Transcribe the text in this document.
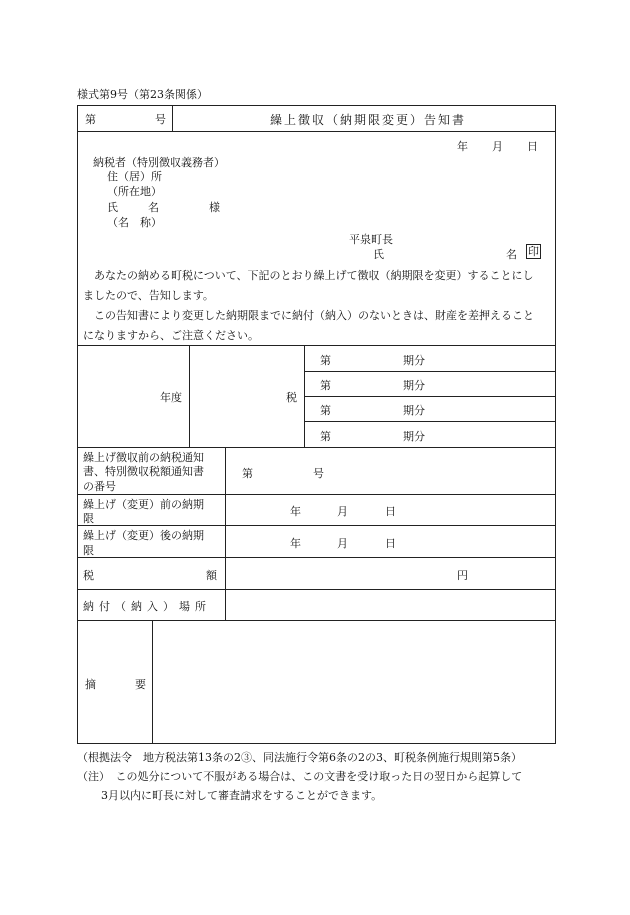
様式第9号（第23条関係）
第	号	繰上徴収（納期限変更）告知書
年 月 日
納税者（特別徴収義務者）
住（居）所
（所在地）
氏	名	様
（名　称）
平泉町長
氏	名 印
　あなたの納める町税について、下記のとおり繰上げて徴収（納期限を変更）することにし
ましたので、告知します。
　この告知書により変更した納期限までに納付（納入）のないときは、財産を差押えること
になりますから、ご注意ください。
年度	税
第	期分
第	期分
第	期分
第	期分
繰上げ徴収前の納税通知
書、特別徴収税額通知書
の番号
第	号
繰上げ（変更）前の納期
限
年	月	日
繰上げ（変更）後の納期
限
年	月	日
税	額	円
納付（納入）場所
摘	要
（根拠法令　地方税法第13条の2③、同法施行令第6条の2の3、町税条例施行規則第5条）
（注）　この処分について不服がある場合は、この文書を受け取った日の翌日から起算して
3月以内に町長に対して審査請求をすることができます。
